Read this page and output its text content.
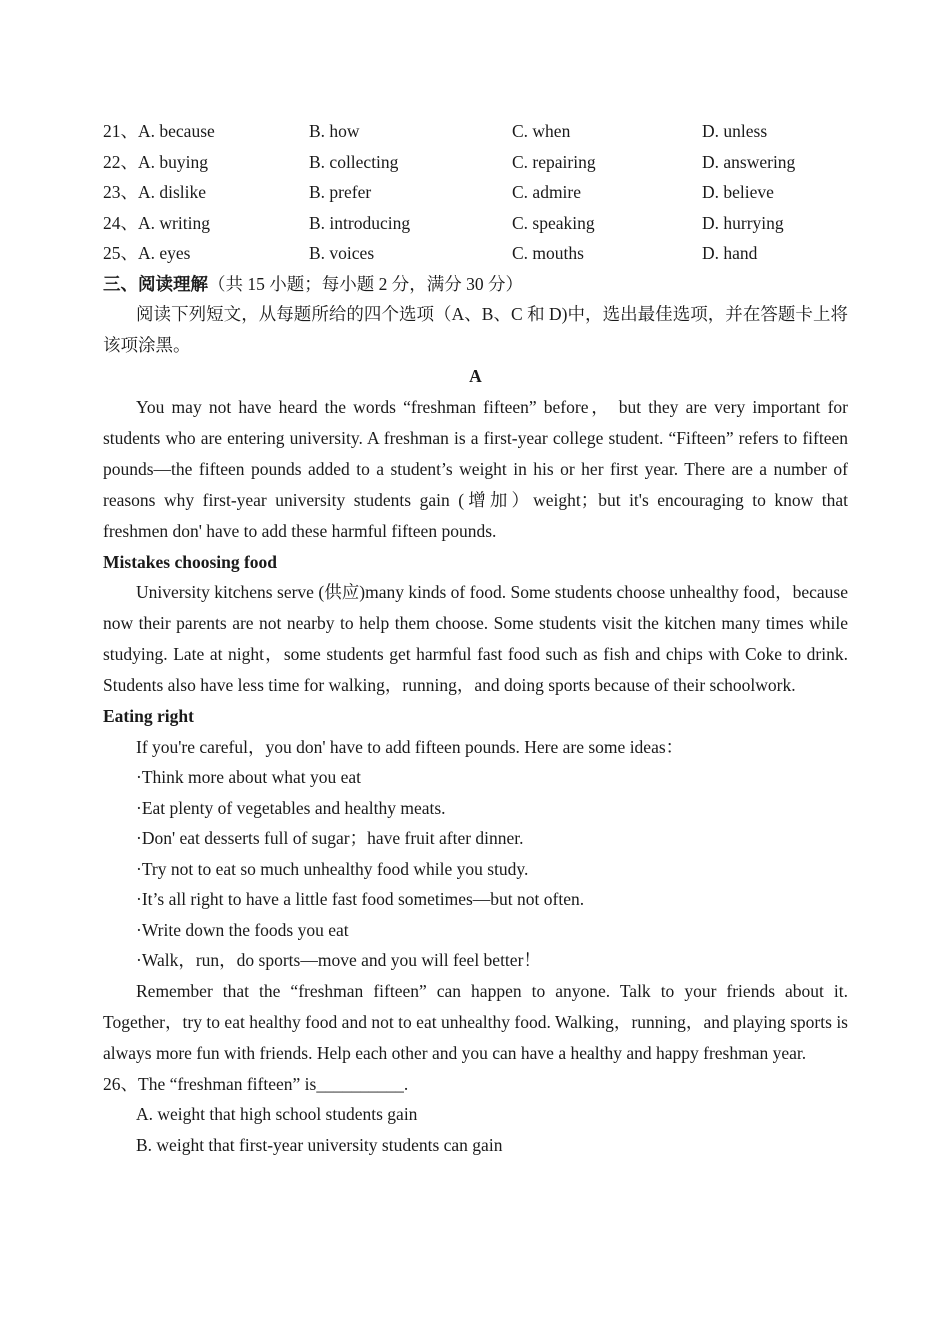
21、A. because	B. how	C. when	D. unless
22、A. buying	B. collecting	C. repairing	D. answering
23、A. dislike	B. prefer	C. admire	D. believe
24、A. writing	B. introducing	C. speaking	D. hurrying
25、A. eyes	B. voices	C. mouths	D. hand
三、阅读理解（共 15 小题；每小题 2 分，满分 30 分）
阅读下列短文，从每题所给的四个选项（A、B、C 和 D)中，选出最佳选项，并在答题卡上将该项涂黑。
A
You may not have heard the words “freshman fifteen” before， but they are very important for students who are entering university. A freshman is a first-year college student. “Fifteen” refers to fifteen pounds—the fifteen pounds added to a student’s weight in his or her first year. There are a number of reasons why first-year university students gain (增加）weight；but it's encouraging to know that freshmen don' have to add these harmful fifteen pounds.
Mistakes choosing food
University kitchens serve (供应)many kinds of food. Some students choose unhealthy food，because now their parents are not nearby to help them choose. Some students visit the kitchen many times while studying. Late at night，some students get harmful fast food such as fish and chips with Coke to drink. Students also have less time for walking，running，and doing sports because of their schoolwork.
Eating right
If you're careful，you don' have to add fifteen pounds. Here are some ideas：
·Think more about what you eat
·Eat plenty of vegetables and healthy meats.
·Don' eat desserts full of sugar；have fruit after dinner.
·Try not to eat so much unhealthy food while you study.
·It’s all right to have a little fast food sometimes—but not often.
·Write down the foods you eat
·Walk，run，do sports—move and you will feel better！
Remember that the “freshman fifteen” can happen to anyone. Talk to your friends about it. Together，try to eat healthy food and not to eat unhealthy food. Walking，running，and playing sports is always more fun with friends. Help each other and you can have a healthy and happy freshman year.
26、The “freshman fifteen” is__________.
A. weight that high school students gain
B. weight that first-year university students can gain
